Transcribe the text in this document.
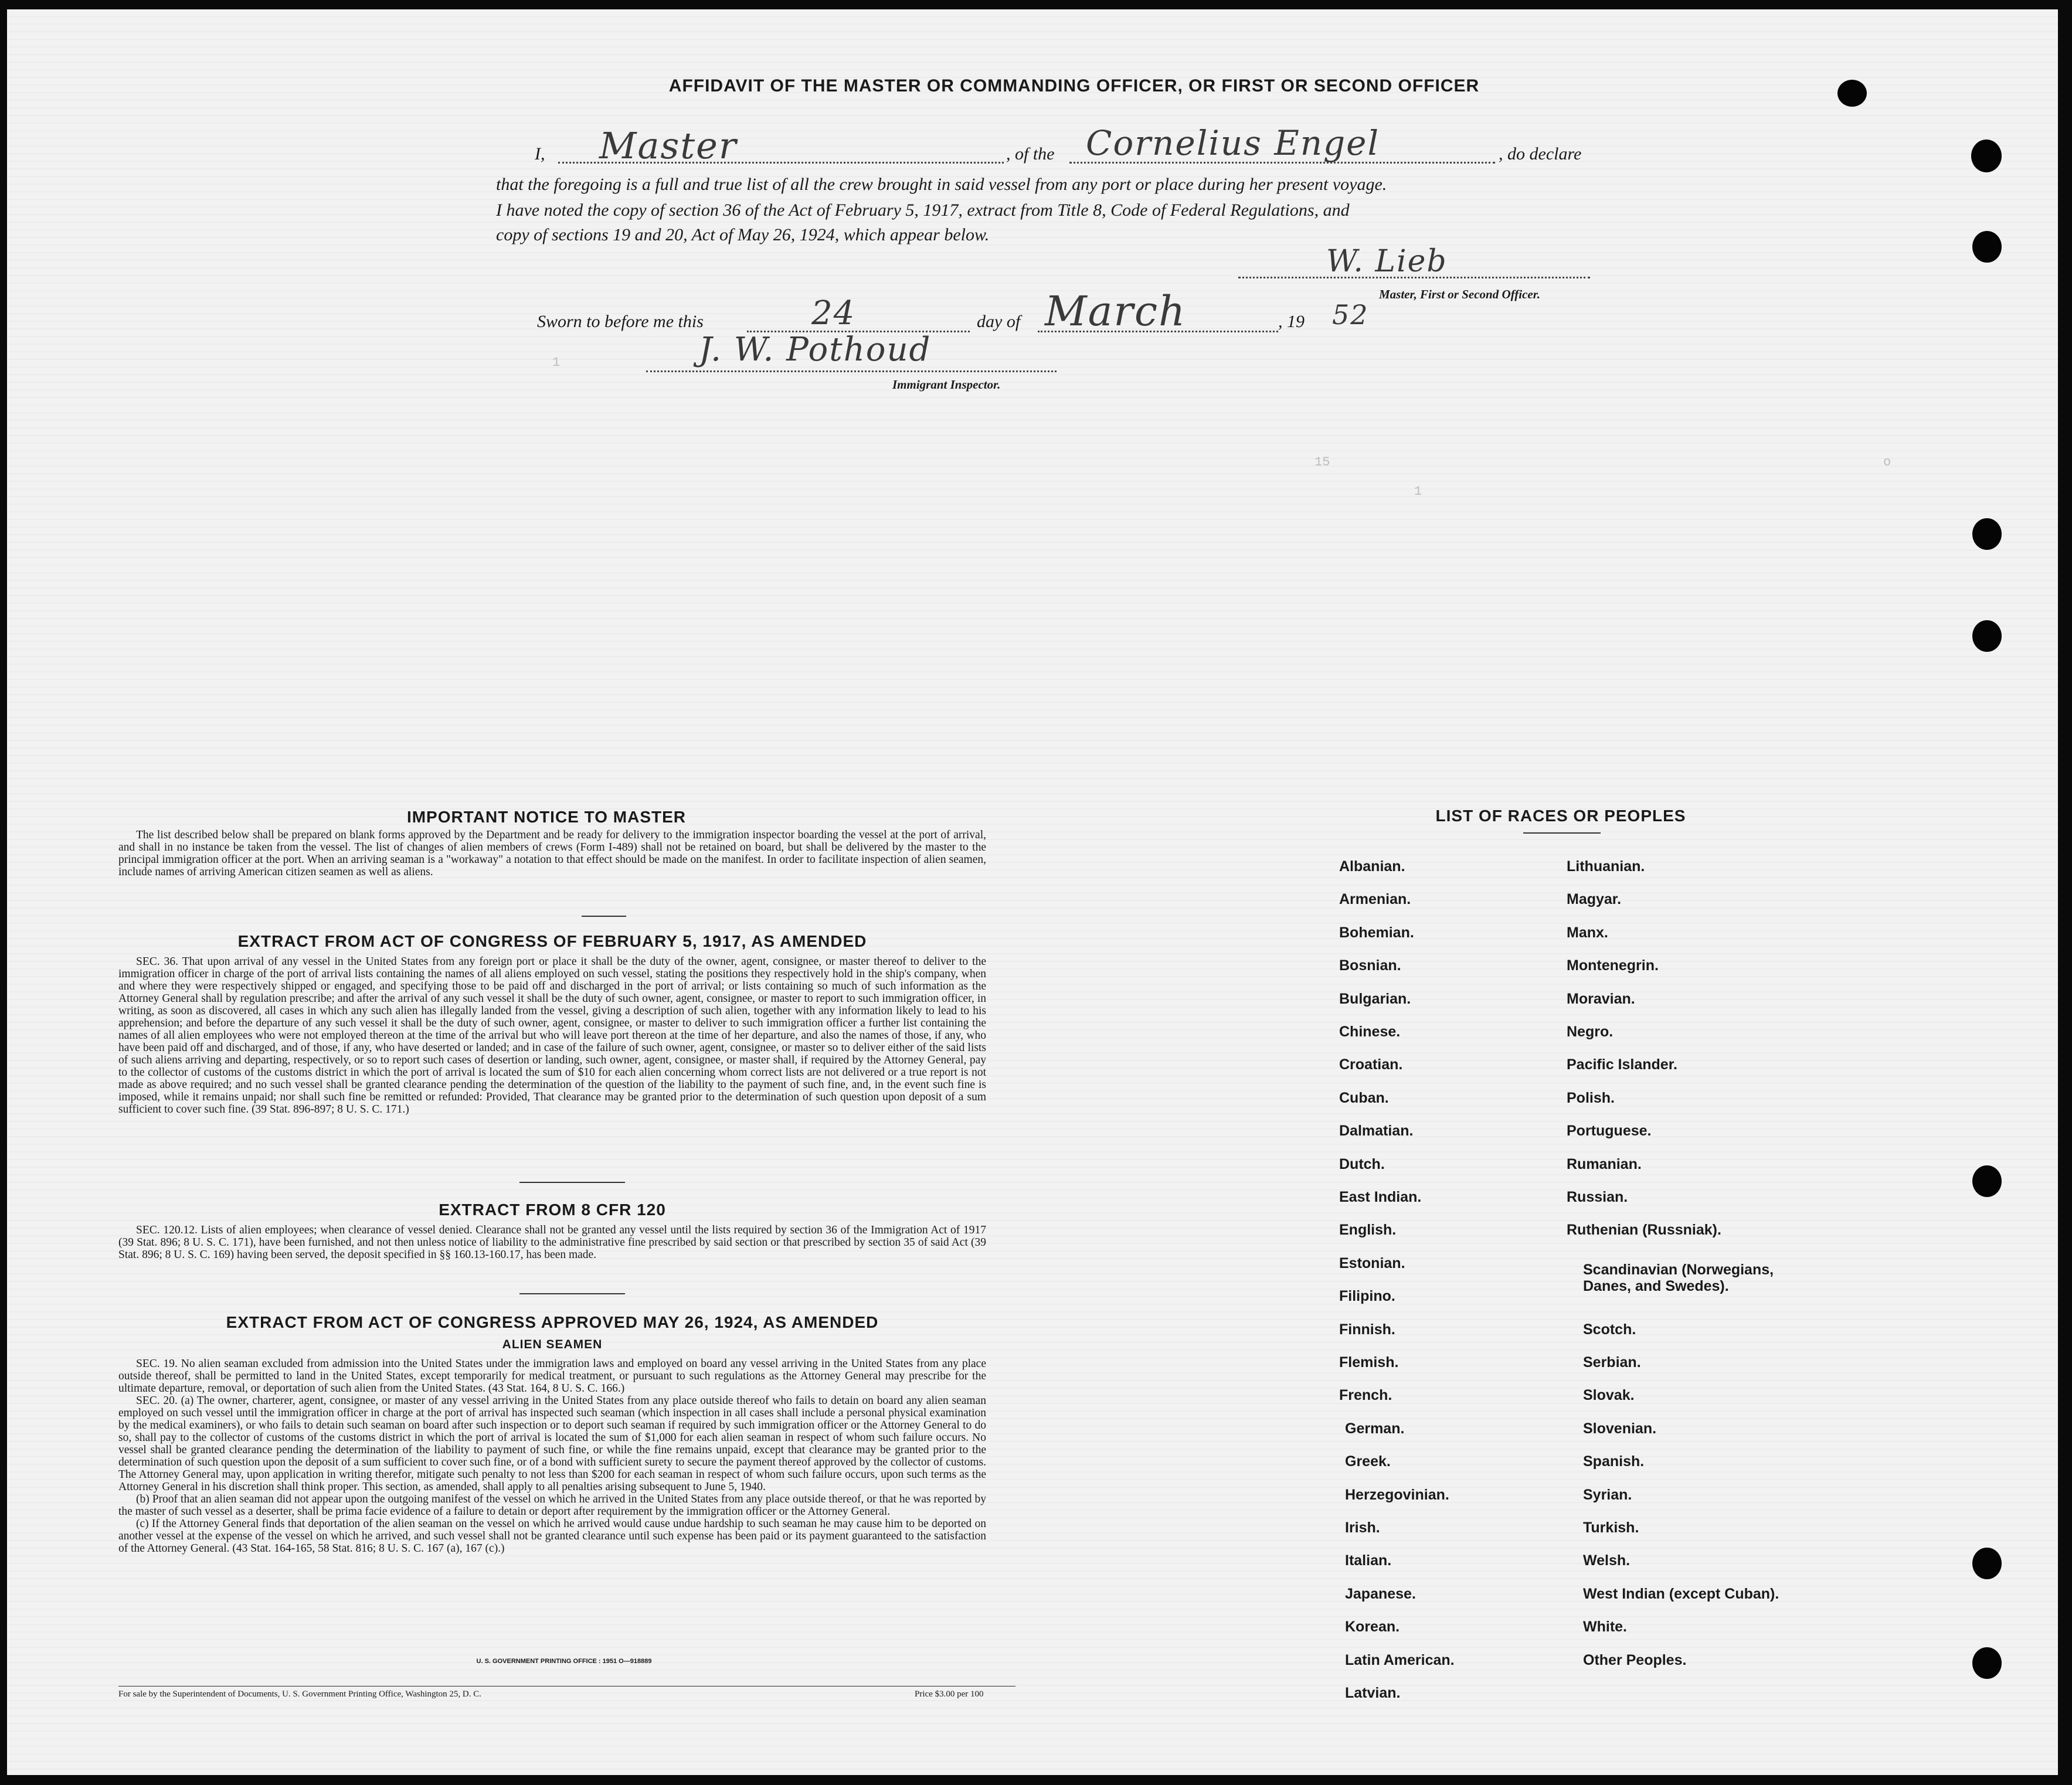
15
1
1
o
AFFIDAVIT OF THE MASTER OR COMMANDING OFFICER, OR FIRST OR SECOND OFFICER
I, Master	, of the Cornelius Engel	, do declare
that the foregoing is a full and true list of all the crew brought in said vessel from any port or place during her present voyage.
I have noted the copy of section 36 of the Act of February 5, 1917, extract from Title 8, Code of Federal Regulations, and
copy of sections 19 and 20, Act of May 26, 1924, which appear below.
W. Lieb
Master, First or Second Officer.
Sworn to before me this	24	day of March	, 19 52
J. W. Pothoud
Immigrant Inspector.
IMPORTANT NOTICE TO MASTER

The list described below shall be prepared on blank forms approved by the Department and be ready for delivery to the immigration inspector boarding the vessel at the port of arrival, and shall in no instance be taken from the vessel. The list of changes of alien members of crews (Form I-489) shall not be retained on board, but shall be delivered by the master to the principal immigration officer at the port. When an arriving seaman is a "workaway" a notation to that effect should be made on the manifest. In order to facilitate inspection of alien seamen, include names of arriving American citizen seamen as well as aliens.

EXTRACT FROM ACT OF CONGRESS OF FEBRUARY 5, 1917, AS AMENDED

SEC. 36. That upon arrival of any vessel in the United States from any foreign port or place it shall be the duty of the owner, agent, consignee, or master thereof to deliver to the immigration officer in charge of the port of arrival lists containing the names of all aliens employed on such vessel, stating the positions they respectively hold in the ship's company, when and where they were respectively shipped or engaged, and specifying those to be paid off and discharged in the port of arrival; or lists containing so much of such information as the Attorney General shall by regulation prescribe; and after the arrival of any such vessel it shall be the duty of such owner, agent, consignee, or master to report to such immigration officer, in writing, as soon as discovered, all cases in which any such alien has illegally landed from the vessel, giving a description of such alien, together with any information likely to lead to his apprehension; and before the departure of any such vessel it shall be the duty of such owner, agent, consignee, or master to deliver to such immigration officer a further list containing the names of all alien employees who were not employed thereon at the time of the arrival but who will leave port thereon at the time of her departure, and also the names of those, if any, who have been paid off and discharged, and of those, if any, who have deserted or landed; and in case of the failure of such owner, agent, consignee, or master so to deliver either of the said lists of such aliens arriving and departing, respectively, or so to report such cases of desertion or landing, such owner, agent, consignee, or master shall, if required by the Attorney General, pay to the collector of customs of the customs district in which the port of arrival is located the sum of $10 for each alien concerning whom correct lists are not delivered or a true report is not made as above required; and no such vessel shall be granted clearance pending the determination of the question of the liability to the payment of such fine, and, in the event such fine is imposed, while it remains unpaid; nor shall such fine be remitted or refunded: Provided, That clearance may be granted prior to the determination of such question upon deposit of a sum sufficient to cover such fine. (39 Stat. 896-897; 8 U. S. C. 171.)

EXTRACT FROM 8 CFR 120

SEC. 120.12. Lists of alien employees; when clearance of vessel denied. Clearance shall not be granted any vessel until the lists required by section 36 of the Immigration Act of 1917 (39 Stat. 896; 8 U. S. C. 171), have been furnished, and not then unless notice of liability to the administrative fine prescribed by said section or that prescribed by section 35 of said Act (39 Stat. 896; 8 U. S. C. 169) having been served, the deposit specified in §§ 160.13-160.17, has been made.

EXTRACT FROM ACT OF CONGRESS APPROVED MAY 26, 1924, AS AMENDED
ALIEN SEAMEN

SEC. 19. No alien seaman excluded from admission into the United States under the immigration laws and employed on board any vessel arriving in the United States from any place outside thereof, shall be permitted to land in the United States, except temporarily for medical treatment, or pursuant to such regulations as the Attorney General may prescribe for the ultimate departure, removal, or deportation of such alien from the United States. (43 Stat. 164, 8 U. S. C. 166.)

SEC. 20. (a) The owner, charterer, agent, consignee, or master of any vessel arriving in the United States from any place outside thereof who fails to detain on board any alien seaman employed on such vessel until the immigration officer in charge at the port of arrival has inspected such seaman (which inspection in all cases shall include a personal physical examination by the medical examiners), or who fails to detain such seaman on board after such inspection or to deport such seaman if required by such immigration officer or the Attorney General to do so, shall pay to the collector of customs of the customs district in which the port of arrival is located the sum of $1,000 for each alien seaman in respect of whom such failure occurs. No vessel shall be granted clearance pending the determination of the liability to payment of such fine, or while the fine remains unpaid, except that clearance may be granted prior to the determination of such question upon the deposit of a sum sufficient to cover such fine, or of a bond with sufficient surety to secure the payment thereof approved by the collector of customs. The Attorney General may, upon application in writing therefor, mitigate such penalty to not less than $200 for each seaman in respect of whom such failure occurs, upon such terms as the Attorney General in his discretion shall think proper. This section, as amended, shall apply to all penalties arising subsequent to June 5, 1940.

(b) Proof that an alien seaman did not appear upon the outgoing manifest of the vessel on which he arrived in the United States from any place outside thereof, or that he was reported by the master of such vessel as a deserter, shall be prima facie evidence of a failure to detain or deport after requirement by the immigration officer or the Attorney General.

(c) If the Attorney General finds that deportation of the alien seaman on the vessel on which he arrived would cause undue hardship to such seaman he may cause him to be deported on another vessel at the expense of the vessel on which he arrived, and such vessel shall not be granted clearance until such expense has been paid or its payment guaranteed to the satisfaction of the Attorney General. (43 Stat. 164-165, 58 Stat. 816; 8 U. S. C. 167 (a), 167 (c).)

U. S. GOVERNMENT PRINTING OFFICE : 1951 O—918889
For sale by the Superintendent of Documents, U. S. Government Printing Office, Washington 25, D. C.	Price $3.00 per 100
LIST OF RACES OR PEOPLES
Albanian.
Armenian.
Bohemian.
Bosnian.
Bulgarian.
Chinese.
Croatian.
Cuban.
Dalmatian.
Dutch.
East Indian.
English.
Estonian.
Filipino.
Finnish.
Flemish.
French.
German.
Greek.
Herzegovinian.
Irish.
Italian.
Japanese.
Korean.
Latin American.
Latvian.
Lithuanian.
Magyar.
Manx.
Montenegrin.
Moravian.
Negro.
Pacific Islander.
Polish.
Portuguese.
Rumanian.
Russian.
Ruthenian (Russniak).
Scandinavian (Norwegians,
Danes, and Swedes).
Scotch.
Serbian.
Slovak.
Slovenian.
Spanish.
Syrian.
Turkish.
Welsh.
West Indian (except Cuban).
White.
Other Peoples.
